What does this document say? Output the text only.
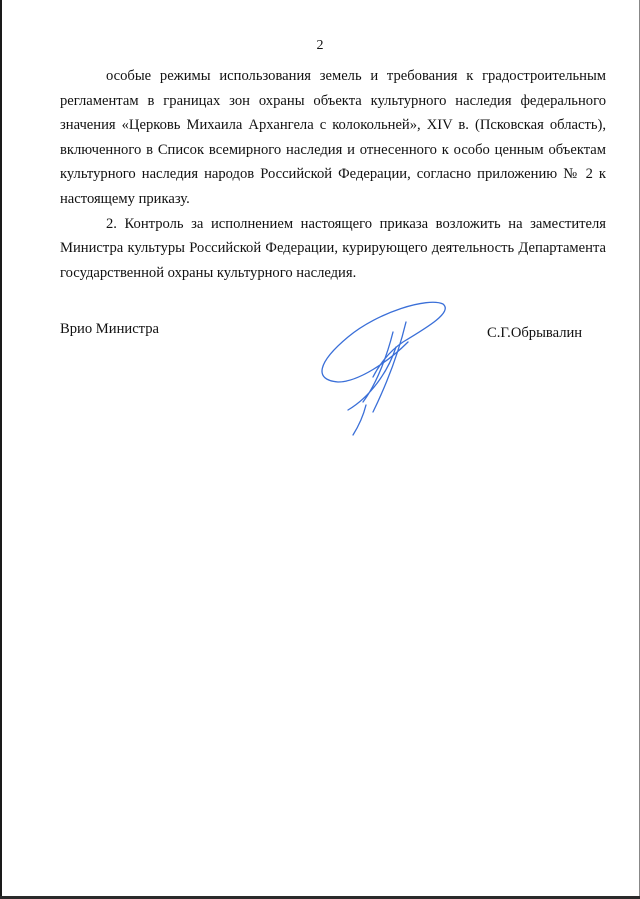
2

особые режимы использования земель и требования к градостроительным регламентам в границах зон охраны объекта культурного наследия федерального значения «Церковь Михаила Архангела с колокольней», XIV в. (Псковская область), включенного в Список всемирного наследия и отнесенного к особо ценным объектам культурного наследия народов Российской Федерации, согласно приложению № 2 к настоящему приказу.

2. Контроль за исполнением настоящего приказа возложить на заместителя Министра культуры Российской Федерации, курирующего деятельность Департамента государственной охраны культурного наследия.

Врио Министра	С.Г.Обрывалин
